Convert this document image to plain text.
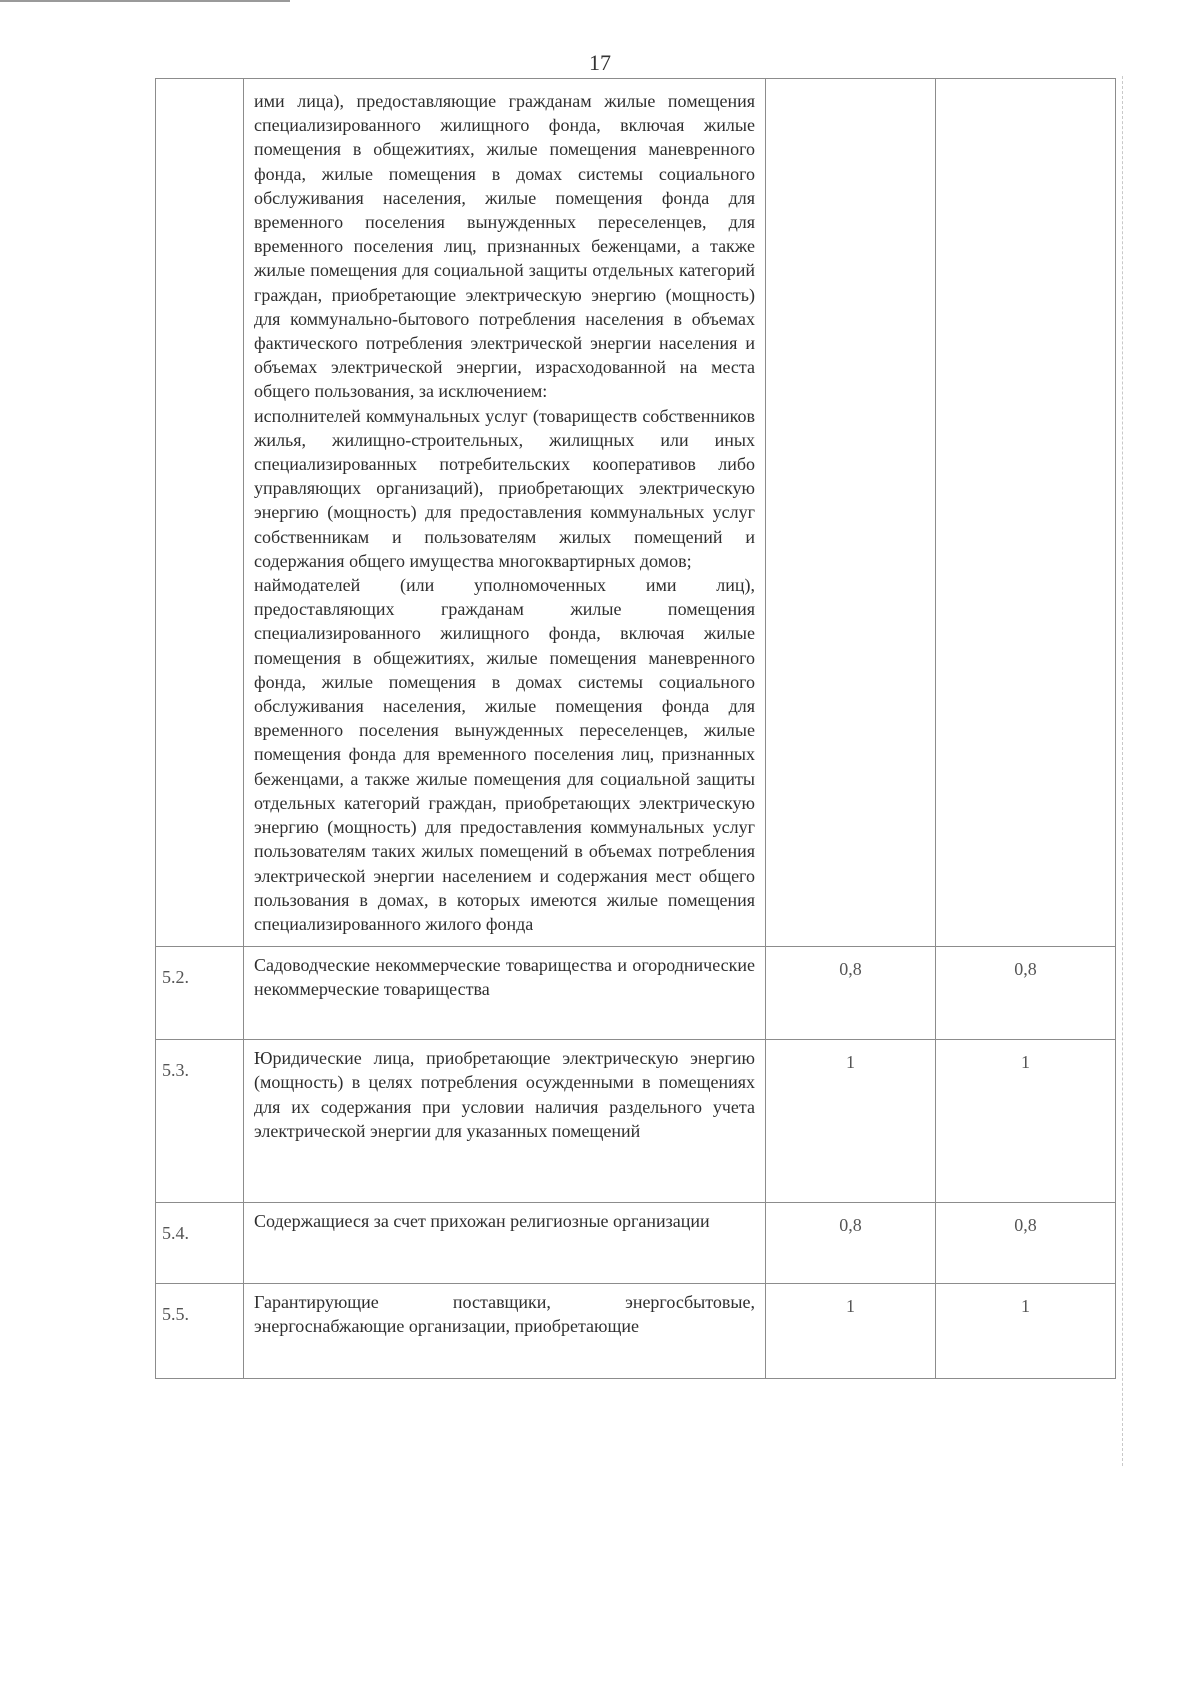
17

	ими лица), предоставляющие гражданам жилые помещения специализированного жилищного фонда, включая жилые помещения в общежитиях, жилые помещения маневренного фонда, жилые помещения в домах системы социального обслуживания населения, жилые помещения фонда для временного поселения вынужденных переселенцев, для временного поселения лиц, признанных беженцами, а также жилые помещения для социальной защиты отдельных категорий граждан, приобретающие электрическую энергию (мощность) для коммунально-бытового потребления населения в объемах фактического потребления электрической энергии населения и объемах электрической энергии, израсходованной на места общего пользования, за исключением:

исполнителей коммунальных услуг (товариществ собственников жилья, жилищно-строительных, жилищных или иных специализированных потребительских кооперативов либо управляющих организаций), приобретающих электрическую энергию (мощность) для предоставления коммунальных услуг собственникам и пользователям жилых помещений и содержания общего имущества многоквартирных домов;

наймодателей (или уполномоченных ими лиц), предоставляющих гражданам жилые помещения специализированного жилищного фонда, включая жилые помещения в общежитиях, жилые помещения маневренного фонда, жилые помещения в домах системы социального обслуживания населения, жилые помещения фонда для временного поселения вынужденных переселенцев, жилые помещения фонда для временного поселения лиц, признанных беженцами, а также жилые помещения для социальной защиты отдельных категорий граждан, приобретающих электрическую энергию (мощность) для предоставления коммунальных услуг пользователям таких жилых помещений в объемах потребления электрической энергии населением и содержания мест общего пользования в домах, в которых имеются жилые помещения специализированного жилого фонда		

5.2.	Садоводческие некоммерческие товарищества и огороднические некоммерческие товарищества	0,8	0,8
5.3.	Юридические лица, приобретающие электрическую энергию (мощность) в целях потребления осужденными в помещениях для их содержания при условии наличия раздельного учета электрической энергии для указанных помещений	1	1
5.4.	Содержащиеся за счет прихожан религиозные организации	0,8	0,8
5.5.	Гарантирующие поставщики, энергосбытовые, энергоснабжающие организации, приобретающие	1	1
